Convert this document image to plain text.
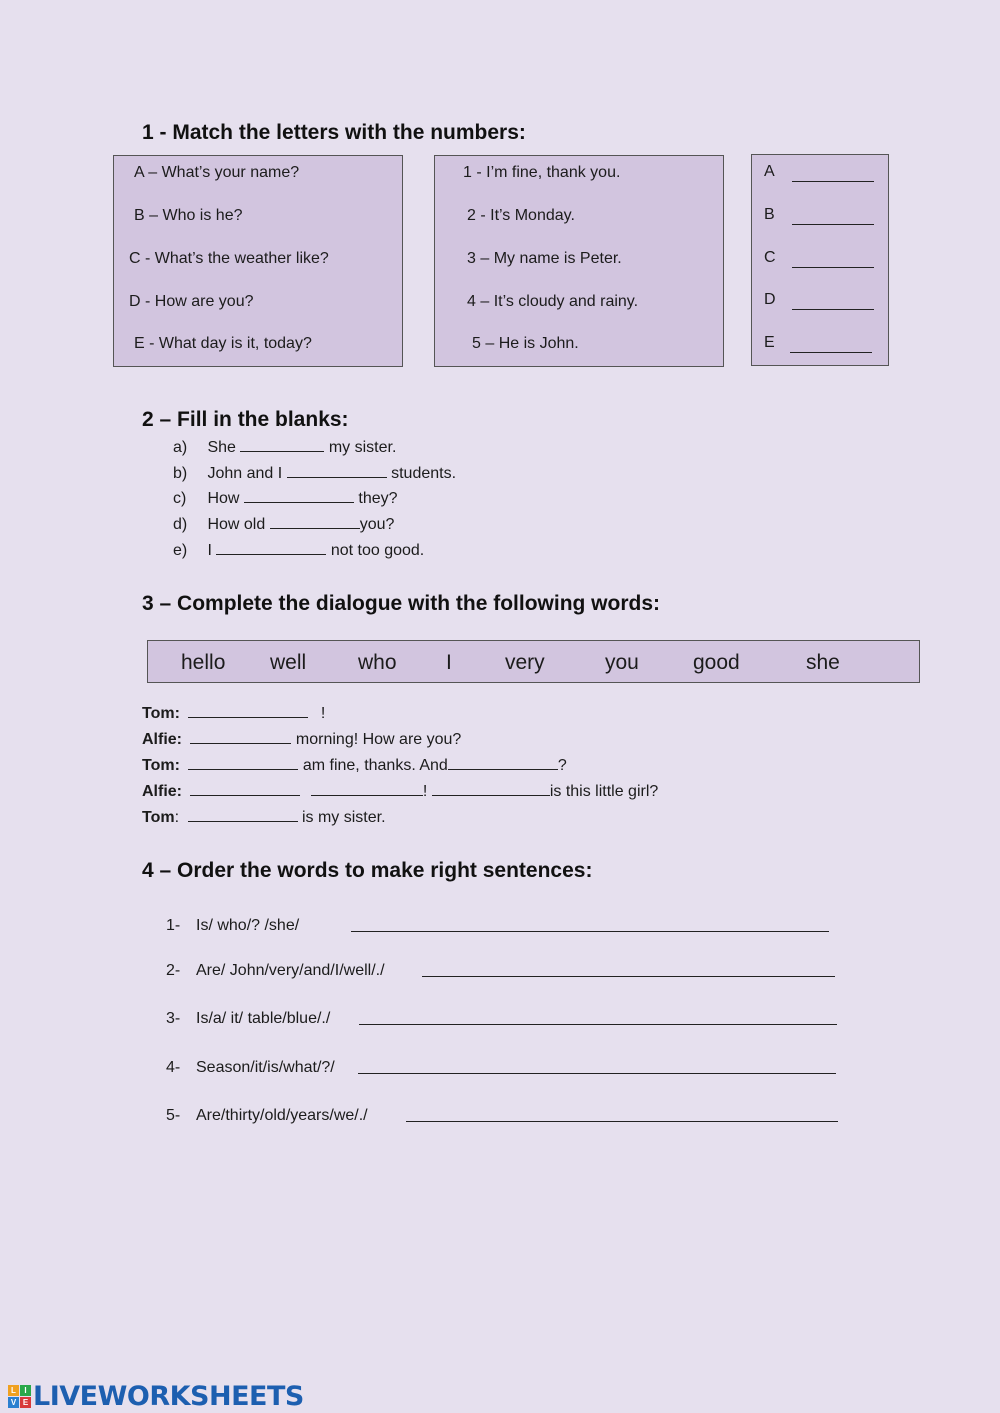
1 - Match the letters with the numbers:
A – What’s your name?
B – Who is he?
C - What’s the weather like?
D - How are you?
E - What day is it, today?
1 - I’m fine, thank you.
2 - It’s Monday.
3 – My name is Peter.
4 – It’s cloudy and rainy.
5 – He is John.
A
B
C
D
E
2 – Fill in the blanks:
a) She	my sister.
b) John and I	students.
c) How	they?
d) How old	you?
e) I	not too good.
3 – Complete the dialogue with the following words:
hello well who I	very	you	good	she
Tom:	!
Alfie:	morning! How are you?
Tom:	am fine, thanks. And	?
Alfie:	!	is this little girl?
Tom:	is my sister.
4 – Order the words to make right sentences:
1- Is/ who/? /she/
2- Are/ John/very/and/I/well/./
3- Is/a/ it/ table/blue/./
4- Season/it/is/what/?/
5- Are/thirty/old/years/we/./
L	I
V E LIVEWORKSHEETS
